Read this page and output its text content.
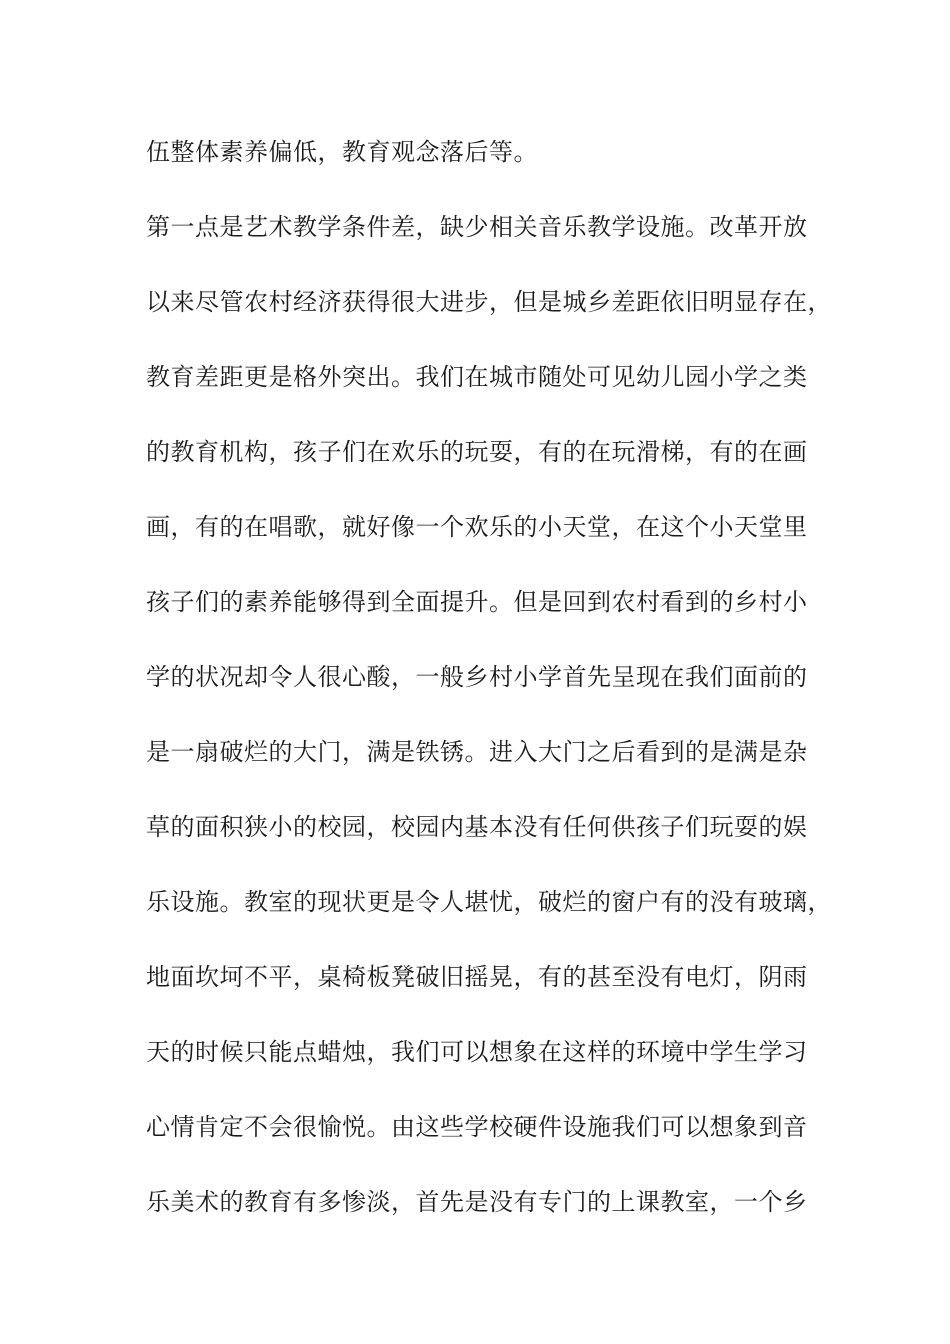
伍整体素养偏低，教育观念落后等。
第一点是艺术教学条件差，缺少相关音乐教学设施。改革开放
以来尽管农村经济获得很大进步，但是城乡差距依旧明显存在，
教育差距更是格外突出。我们在城市随处可见幼儿园小学之类
的教育机构，孩子们在欢乐的玩耍，有的在玩滑梯，有的在画
画，有的在唱歌，就好像一个欢乐的小天堂，在这个小天堂里
孩子们的素养能够得到全面提升。但是回到农村看到的乡村小
学的状况却令人很心酸，一般乡村小学首先呈现在我们面前的
是一扇破烂的大门，满是铁锈。进入大门之后看到的是满是杂
草的面积狭小的校园，校园内基本没有任何供孩子们玩耍的娱
乐设施。教室的现状更是令人堪忧，破烂的窗户有的没有玻璃，
地面坎坷不平，桌椅板凳破旧摇晃，有的甚至没有电灯，阴雨
天的时候只能点蜡烛，我们可以想象在这样的环境中学生学习
心情肯定不会很愉悦。由这些学校硬件设施我们可以想象到音
乐美术的教育有多惨淡，首先是没有专门的上课教室，一个乡
